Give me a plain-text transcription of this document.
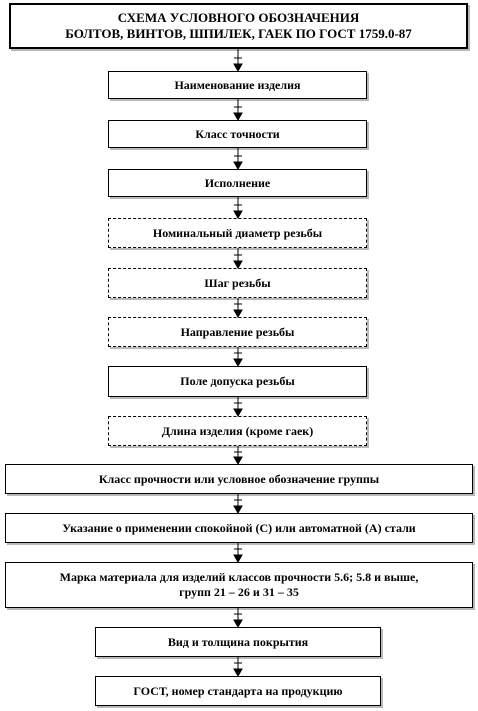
СХЕМА УСЛОВНОГО ОБОЗНАЧЕНИЯ
БОЛТОВ, ВИНТОВ, ШПИЛЕК, ГАЕК ПО ГОСТ 1759.0-87
Наименование изделия
Класс точности
Исполнение
Номинальный диаметр резьбы
Шаг резьбы
Направление резьбы
Поле допуска резьбы
Длина изделия (кроме гаек)
Класс прочности или условное обозначение группы
Указание о применении спокойной (С) или автоматной (А) стали
Марка материала для изделий классов прочности 5.6; 5.8 и выше,
групп 21 – 26 и 31 – 35
Вид и толщина покрытия
ГОСТ, номер стандарта на продукцию
